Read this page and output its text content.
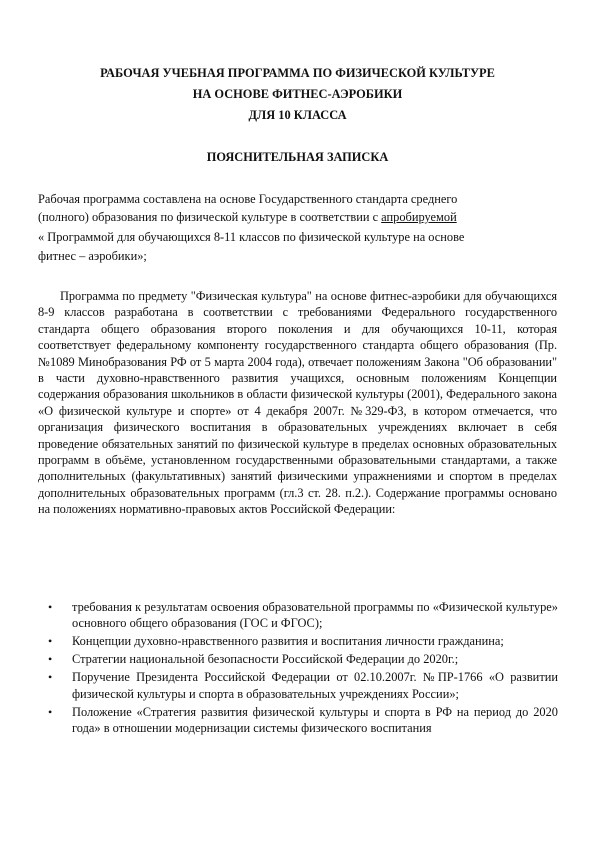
РАБОЧАЯ УЧЕБНАЯ ПРОГРАММА ПО ФИЗИЧЕСКОЙ КУЛЬТУРЕ
НА ОСНОВЕ ФИТНЕС-АЭРОБИКИ
ДЛЯ 10 КЛАССА
ПОЯСНИТЕЛЬНАЯ ЗАПИСКА
Рабочая программа составлена на основе Государственного стандарта среднего
(полного) образования по физической культуре в соответствии с апробируемой
« Программой для обучающихся 8-11 классов по физической культуре на основе
фитнес – аэробики»;
Программа по предмету "Физическая культура" на основе фитнес-аэробики для обучающихся 8-9 классов разработана в соответствии с требованиями Федерального государственного стандарта общего образования второго поколения и для обучающихся 10-11, которая соответствует федеральному компоненту государственного стандарта общего образования (Пр. №1089 Минобразования РФ от 5 марта 2004 года), отвечает положениям Закона "Об образовании" в части духовно-нравственного развития учащихся, основным положениям Концепции содержания образования школьников в области физической культуры (2001), Федерального закона «О физической культуре и спорте» от 4 декабря 2007г. №329-ФЗ, в котором отмечается, что организация физического воспитания в образовательных учреждениях включает в себя проведение обязательных занятий по физической культуре в пределах основных образовательных программ в объёме, установленном государственными образовательными стандартами, а также дополнительных (факультативных) занятий физическими упражнениями и спортом в пределах дополнительных образовательных программ (гл.3 ст. 28. п.2.). Содержание программы основано на положениях нормативно-правовых актов Российской Федерации:
• требования к результатам освоения образовательной программы по «Физической культуре» основного общего образования (ГОС и ФГОС);
• Концепции духовно-нравственного развития и воспитания личности гражданина;
• Стратегии национальной безопасности Российской Федерации до 2020г.;
• Поручение Президента Российской Федерации от 02.10.2007г. №ПР-1766 «О развитии физической культуры и спорта в образовательных учреждениях России»;
• Положение «Стратегия развития физической культуры и спорта в РФ на период до 2020 года» в отношении модернизации системы физического воспитания
